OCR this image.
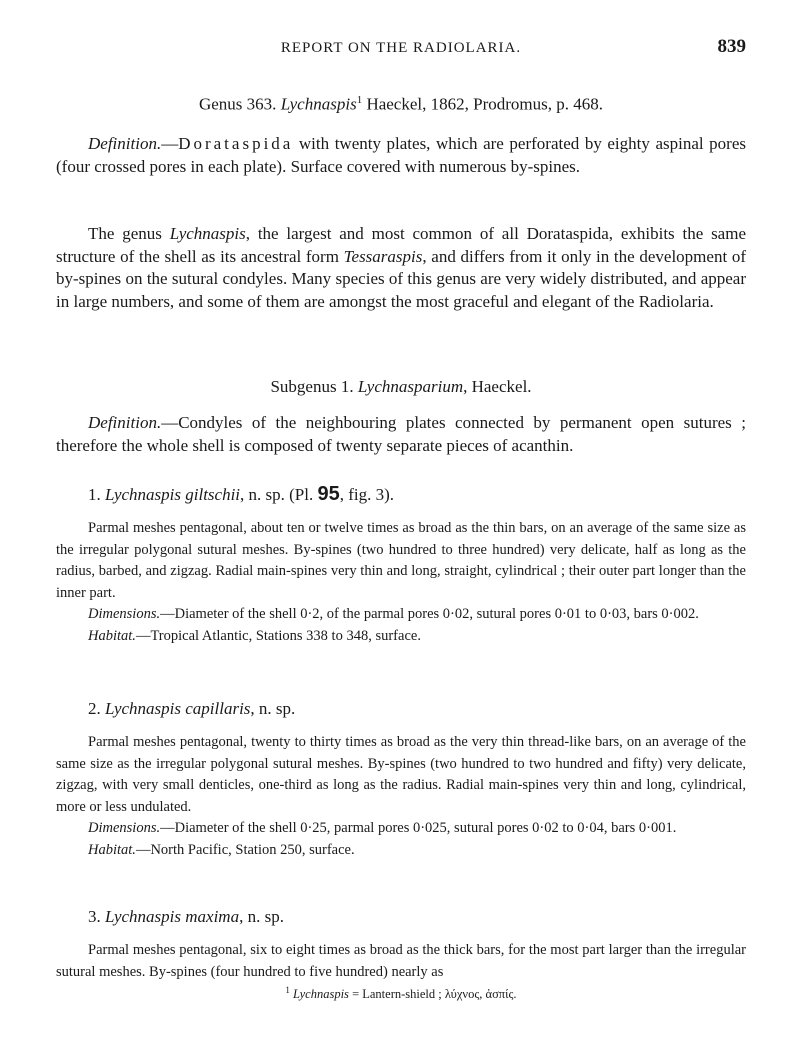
REPORT ON THE RADIOLARIA.	839
Genus 363. Lychnaspis$^1$ Haeckel, 1862, Prodromus, p. 468.
Definition.—Dorataspida with twenty plates, which are perforated by eighty aspinal pores (four crossed pores in each plate). Surface covered with numerous by-spines.
The genus Lychnaspis, the largest and most common of all Dorataspida, exhibits the same structure of the shell as its ancestral form Tessaraspis, and differs from it only in the development of by-spines on the sutural condyles. Many species of this genus are very widely distributed, and appear in large numbers, and some of them are amongst the most graceful and elegant of the Radiolaria.
Subgenus 1. Lychnasparium, Haeckel.
Definition.—Condyles of the neighbouring plates connected by permanent open sutures ; therefore the whole shell is composed of twenty separate pieces of acanthin.
1. Lychnaspis giltschii, n. sp. (Pl. 95, fig. 3).

Parmal meshes pentagonal, about ten or twelve times as broad as the thin bars, on an average of the same size as the irregular polygonal sutural meshes. By-spines (two hundred to three hundred) very delicate, half as long as the radius, barbed, and zigzag. Radial main-spines very thin and long, straight, cylindrical ; their outer part longer than the inner part.

Dimensions.—Diameter of the shell 0·2, of the parmal pores 0·02, sutural pores 0·01 to 0·03, bars 0·002.

Habitat.—Tropical Atlantic, Stations 338 to 348, surface.

2. Lychnaspis capillaris, n. sp.

Parmal meshes pentagonal, twenty to thirty times as broad as the very thin thread-like bars, on an average of the same size as the irregular polygonal sutural meshes. By-spines (two hundred to two hundred and fifty) very delicate, zigzag, with very small denticles, one-third as long as the radius. Radial main-spines very thin and long, cylindrical, more or less undulated.

Dimensions.—Diameter of the shell 0·25, parmal pores 0·025, sutural pores 0·02 to 0·04, bars 0·001.

Habitat.—North Pacific, Station 250, surface.

3. Lychnaspis maxima, n. sp.

Parmal meshes pentagonal, six to eight times as broad as the thick bars, for the most part larger than the irregular sutural meshes. By-spines (four hundred to five hundred) nearly as

$^1$ Lychnaspis = Lantern-shield ; λύχνος, ἀσπίς.
